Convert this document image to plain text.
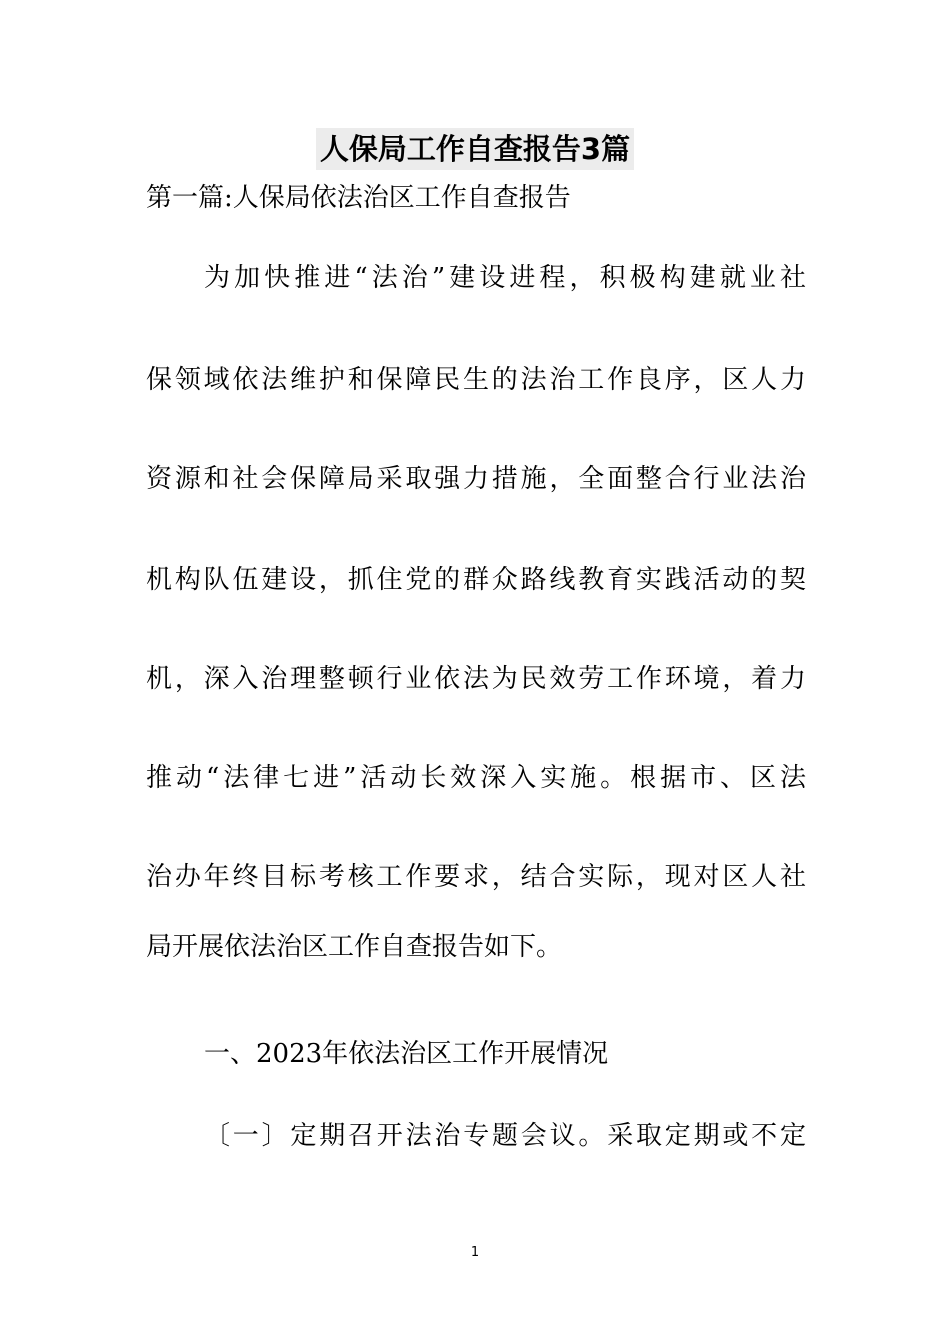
人保局工作自查报告3篇
第一篇:人保局依法治区工作自查报告
为加快推进“法治”建设进程，积极构建就业社
保领域依法维护和保障民生的法治工作良序，区人力
资源和社会保障局采取强力措施，全面整合行业法治
机构队伍建设，抓住党的群众路线教育实践活动的契
机，深入治理整顿行业依法为民效劳工作环境，着力
推动“法律七进”活动长效深入实施。根据市、区法
治办年终目标考核工作要求，结合实际，现对区人社
局开展依法治区工作自查报告如下。
一、2023年依法治区工作开展情况
〔一〕定期召开法治专题会议。采取定期或不定
1
